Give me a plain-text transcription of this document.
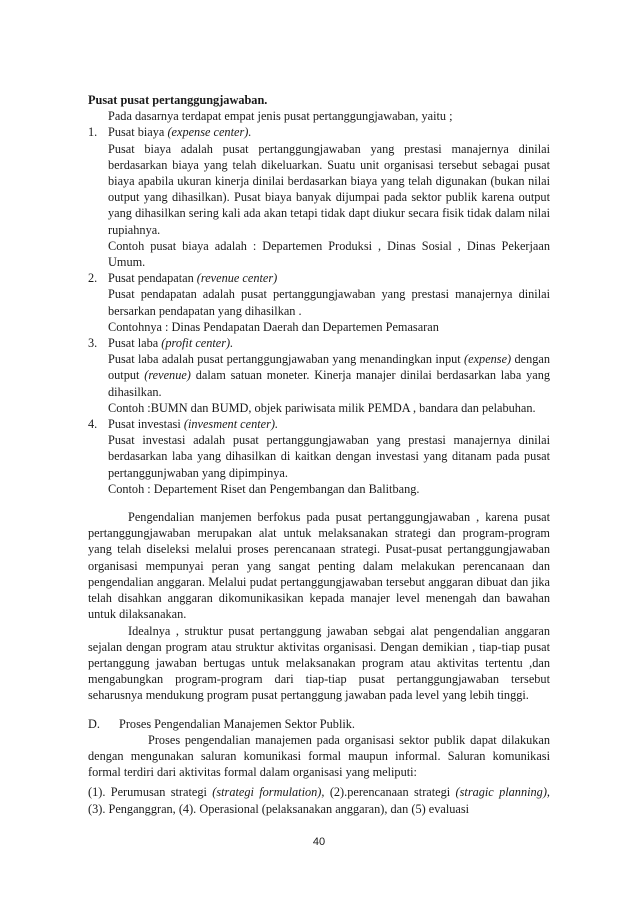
Pusat pusat pertanggungjawaban.

Pada dasarnya terdapat empat jenis pusat pertanggungjawaban, yaitu ;

1. Pusat biaya (expense center).

Pusat biaya adalah pusat pertanggungjawaban yang prestasi manajernya dinilai berdasarkan biaya yang telah dikeluarkan. Suatu unit organisasi tersebut sebagai pusat biaya apabila ukuran kinerja dinilai berdasarkan biaya yang telah digunakan (bukan nilai output yang dihasilkan). Pusat biaya banyak dijumpai pada sektor publik karena output yang dihasilkan sering kali ada akan tetapi tidak dapt diukur secara fisik tidak dalam nilai rupiahnya.

Contoh pusat biaya adalah : Departemen Produksi , Dinas Sosial , Dinas Pekerjaan Umum.

2. Pusat pendapatan (revenue center)

Pusat pendapatan adalah pusat pertanggungjawaban yang prestasi manajernya dinilai bersarkan pendapatan yang dihasilkan .

Contohnya : Dinas Pendapatan Daerah dan Departemen Pemasaran

3. Pusat laba (profit center).

Pusat laba adalah pusat pertanggungjawaban yang menandingkan input (expense) dengan output (revenue) dalam satuan moneter. Kinerja manajer dinilai berdasarkan laba yang dihasilkan.

Contoh :BUMN dan BUMD, objek pariwisata milik PEMDA , bandara dan pelabuhan.

4. Pusat investasi (invesment center).

Pusat investasi adalah pusat pertanggungjawaban yang prestasi manajernya dinilai berdasarkan laba yang dihasilkan di kaitkan dengan investasi yang ditanam pada pusat pertanggunjwaban yang dipimpinya.

Contoh : Departement Riset dan Pengembangan dan Balitbang.

Pengendalian manjemen berfokus pada pusat pertanggungjawaban , karena pusat pertanggungjawaban merupakan alat untuk melaksanakan strategi dan program-program yang telah diseleksi melalui proses perencanaan strategi. Pusat-pusat pertanggungjawaban organisasi mempunyai peran yang sangat penting dalam melakukan perencanaan dan pengendalian anggaran. Melalui pudat pertanggungjawaban tersebut anggaran dibuat dan jika telah disahkan anggaran dikomunikasikan kepada manajer level menengah dan bawahan untuk dilaksanakan.

Idealnya , struktur pusat pertanggung jawaban sebgai alat pengendalian anggaran sejalan dengan program atau struktur aktivitas organisasi. Dengan demikian , tiap-tiap pusat pertanggung jawaban bertugas untuk melaksanakan program atau aktivitas tertentu ,dan mengabungkan program-program dari tiap-tiap pusat pertanggungjawaban tersebut seharusnya mendukung program pusat pertanggung jawaban pada level yang lebih tinggi.

D.	Proses Pengendalian Manajemen Sektor Publik.

Proses pengendalian manajemen pada organisasi sektor publik dapat dilakukan dengan mengunakan saluran komunikasi formal maupun informal. Saluran komunikasi formal terdiri dari aktivitas formal dalam organisasi yang meliputi:

(1). Perumusan strategi (strategi formulation), (2).perencanaan strategi (stragic planning), (3). Penganggran, (4). Operasional (pelaksanakan anggaran), dan (5) evaluasi

40
